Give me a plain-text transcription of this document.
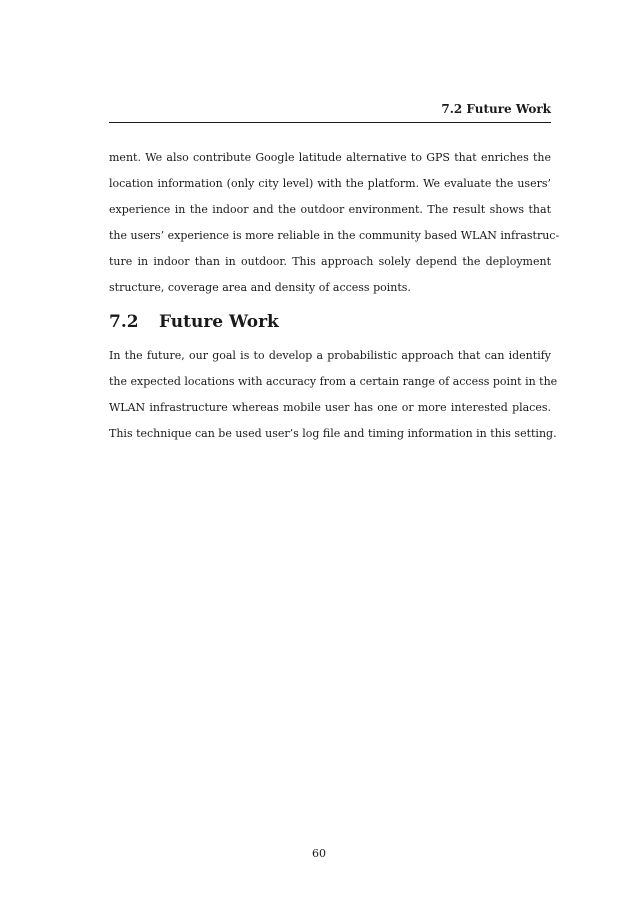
7.2 Future Work
ment. We also contribute Google latitude alternative to GPS that enriches the
location information (only city level) with the platform. We evaluate the users’
experience in the indoor and the outdoor environment. The result shows that
the users’ experience is more reliable in the community based WLAN infrastruc-
ture in indoor than in outdoor. This approach solely depend the deployment
structure, coverage area and density of access points.
7.2 Future Work
In the future, our goal is to develop a probabilistic approach that can identify
the expected locations with accuracy from a certain range of access point in the
WLAN infrastructure whereas mobile user has one or more interested places.
This technique can be used user’s log file and timing information in this setting.
60
